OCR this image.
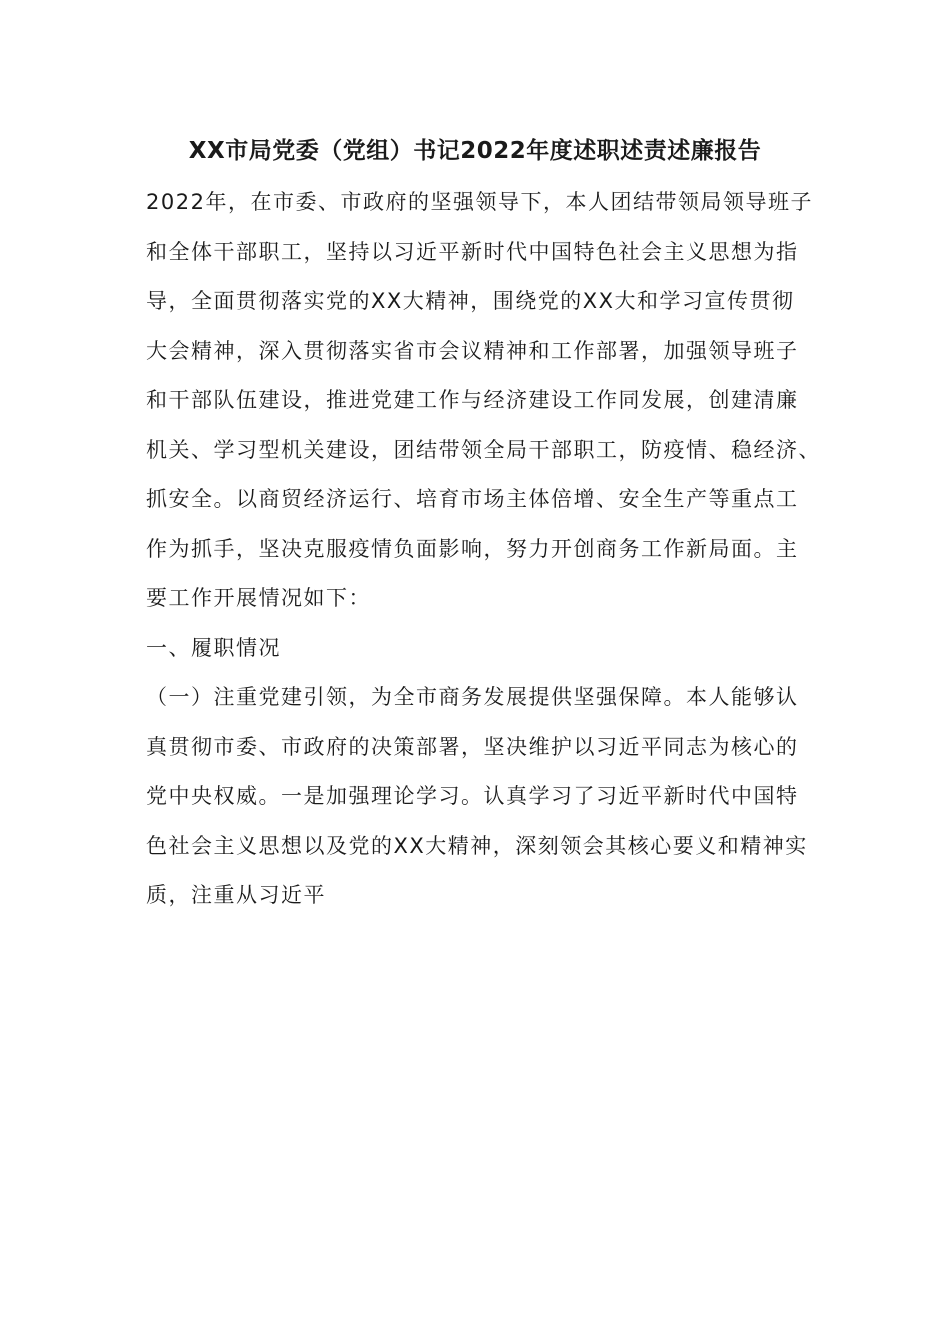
XX市局党委（党组）书记2022年度述职述责述廉报告
2022年，在市委、市政府的坚强领导下，本人团结带领局领导班子
和全体干部职工，坚持以习近平新时代中国特色社会主义思想为指
导，全面贯彻落实党的XX大精神，围绕党的XX大和学习宣传贯彻
大会精神，深入贯彻落实省市会议精神和工作部署，加强领导班子
和干部队伍建设，推进党建工作与经济建设工作同发展，创建清廉
机关、学习型机关建设，团结带领全局干部职工，防疫情、稳经济、
抓安全。以商贸经济运行、培育市场主体倍增、安全生产等重点工
作为抓手，坚决克服疫情负面影响，努力开创商务工作新局面。主
要工作开展情况如下：
一、履职情况
（一）注重党建引领，为全市商务发展提供坚强保障。本人能够认
真贯彻市委、市政府的决策部署，坚决维护以习近平同志为核心的
党中央权威。一是加强理论学习。认真学习了习近平新时代中国特
色社会主义思想以及党的XX大精神，深刻领会其核心要义和精神实
质，注重从习近平
